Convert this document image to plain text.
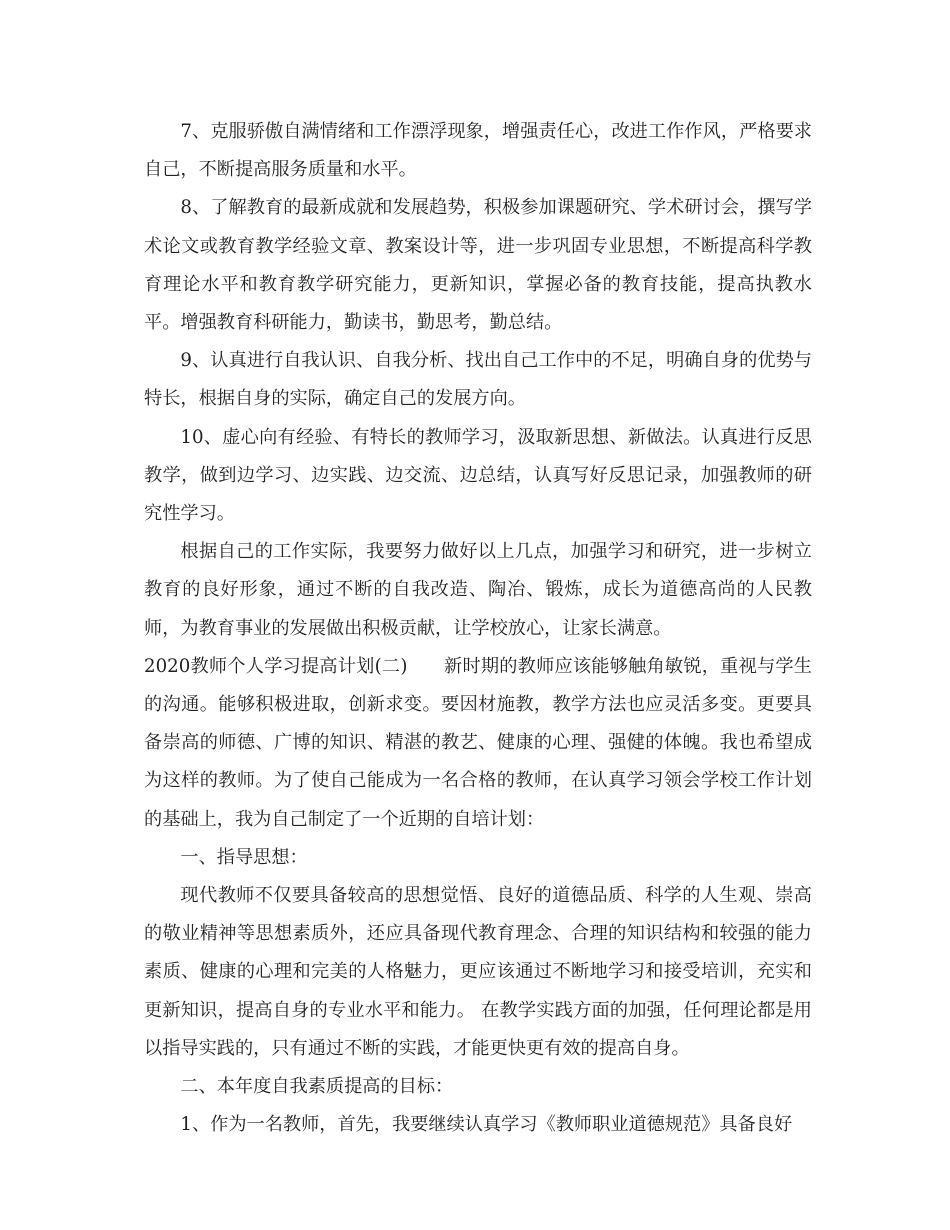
7、克服骄傲自满情绪和工作漂浮现象，增强责任心，改进工作作风，严格要求自己，不断提高服务质量和水平。

8、了解教育的最新成就和发展趋势，积极参加课题研究、学术研讨会，撰写学术论文或教育教学经验文章、教案设计等，进一步巩固专业思想，不断提高科学教育理论水平和教育教学研究能力，更新知识，掌握必备的教育技能，提高执教水平。增强教育科研能力，勤读书，勤思考，勤总结。

9、认真进行自我认识、自我分析、找出自己工作中的不足，明确自身的优势与特长，根据自身的实际，确定自己的发展方向。

10、虚心向有经验、有特长的教师学习，汲取新思想、新做法。认真进行反思教学，做到边学习、边实践、边交流、边总结，认真写好反思记录，加强教师的研究性学习。

根据自己的工作实际，我要努力做好以上几点，加强学习和研究，进一步树立教育的良好形象，通过不断的自我改造、陶冶、锻炼，成长为道德高尚的人民教师，为教育事业的发展做出积极贡献，让学校放心，让家长满意。

2020教师个人学习提高计划(二) 新时期的教师应该能够触角敏锐，重视与学生的沟通。能够积极进取，创新求变。要因材施教，教学方法也应灵活多变。更要具备崇高的师德、广博的知识、精湛的教艺、健康的心理、强健的体魄。我也希望成为这样的教师。为了使自己能成为一名合格的教师，在认真学习领会学校工作计划的基础上，我为自己制定了一个近期的自培计划：

一、指导思想：

现代教师不仅要具备较高的思想觉悟、良好的道德品质、科学的人生观、崇高的敬业精神等思想素质外，还应具备现代教育理念、合理的知识结构和较强的能力素质、健康的心理和完美的人格魅力，更应该通过不断地学习和接受培训，充实和更新知识，提高自身的专业水平和能力。 在教学实践方面的加强，任何理论都是用以指导实践的，只有通过不断的实践，才能更快更有效的提高自身。

二、本年度自我素质提高的目标：

1、作为一名教师，首先，我要继续认真学习《教师职业道德规范》具备良好
